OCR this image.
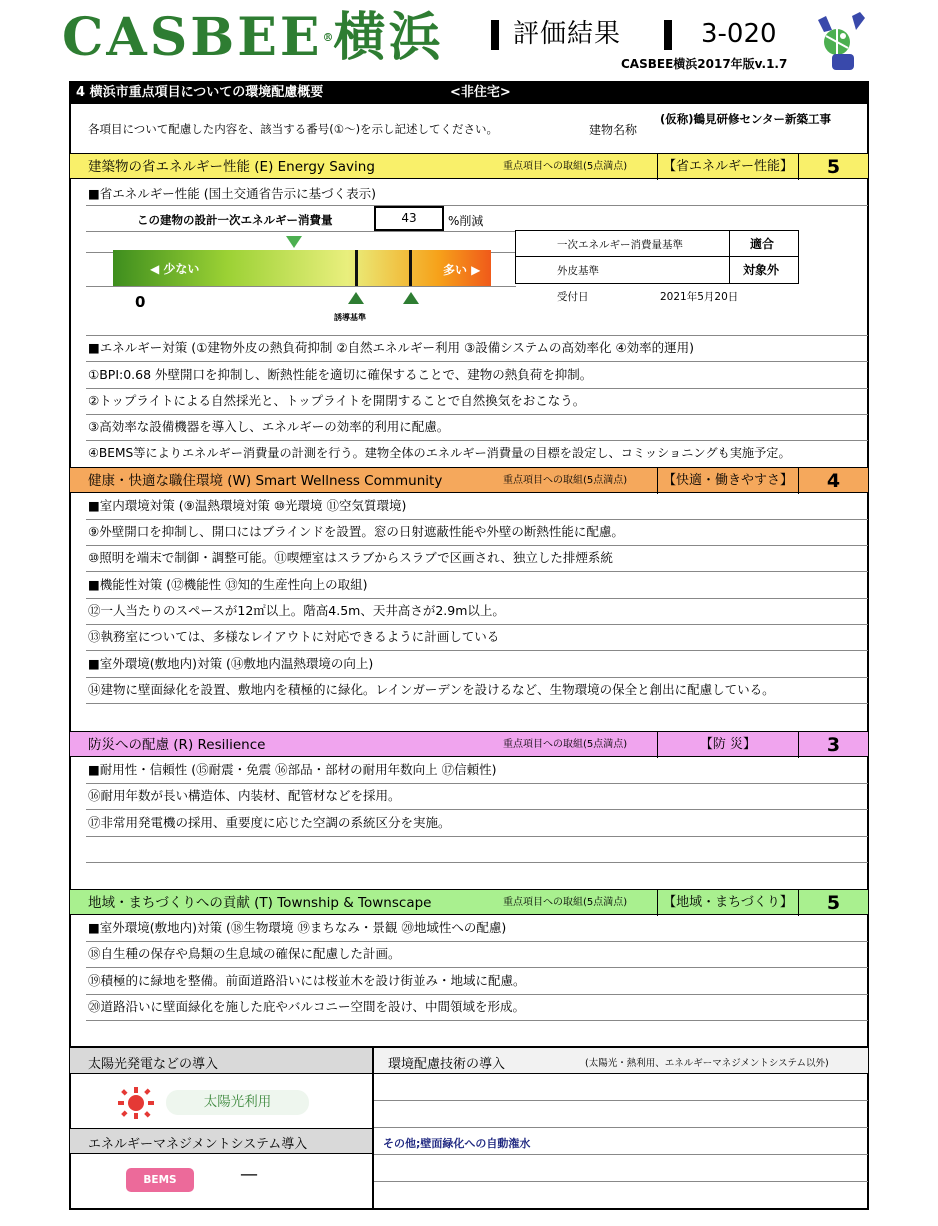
CASBEE®横浜	評価結果	3-020
CASBEE横浜2017年版v.1.7
4 横浜市重点項目についての環境配慮概要	<非住宅>
各項目について配慮した内容を、該当する番号(①〜)を示し記述してください。	建物名称
(仮称)鶴見研修センター新築工事
建築物の省エネルギー性能 (E) Energy Saving	重点項目への取組(5点満点)	【省エネルギー性能】	5
■省エネルギー性能 (国土交通省告示に基づく表示)
この建物の設計一次エネルギー消費量	43	%削減
◀ 少ない	多い ▶
0
誘導基準
一次エネルギー消費量基準	適合
外皮基準	対象外
受付日	2021年5月20日
■エネルギー対策 (①建物外皮の熱負荷抑制 ②自然エネルギー利用 ③設備システムの高効率化 ④効率的運用)
①BPI:0.68 外壁開口を抑制し、断熱性能を適切に確保することで、建物の熱負荷を抑制。
②トップライトによる自然採光と、トップライトを開閉することで自然換気をおこなう。
③高効率な設備機器を導入し、エネルギーの効率的利用に配慮。
④BEMS等によりエネルギー消費量の計測を行う。建物全体のエネルギー消費量の目標を設定し、コミッショニングも実施予定。
健康・快適な職住環境 (W) Smart Wellness Community	重点項目への取組(5点満点)	【快適・働きやすさ】	4
■室内環境対策 (⑨温熱環境対策 ⑩光環境 ⑪空気質環境)
⑨外壁開口を抑制し、開口にはブラインドを設置。窓の日射遮蔽性能や外壁の断熱性能に配慮。
⑩照明を端末で制御・調整可能。⑪喫煙室はスラブからスラブで区画され、独立した排煙系統
■機能性対策 (⑫機能性 ⑬知的生産性向上の取組)
⑫一人当たりのスペースが12㎡以上。階高4.5m、天井高さが2.9m以上。
⑬執務室については、多様なレイアウトに対応できるように計画している
■室外環境(敷地内)対策 (⑭敷地内温熱環境の向上)
⑭建物に壁面緑化を設置、敷地内を積極的に緑化。レインガーデンを設けるなど、生物環境の保全と創出に配慮している。
防災への配慮 (R) Resilience	重点項目への取組(5点満点)	【防 災】	3
■耐用性・信頼性 (⑮耐震・免震 ⑯部品・部材の耐用年数向上 ⑰信頼性)
⑯耐用年数が長い構造体、内装材、配管材などを採用。
⑰非常用発電機の採用、重要度に応じた空調の系統区分を実施。
地域・まちづくりへの貢献 (T) Township & Townscape	重点項目への取組(5点満点)	【地域・まちづくり】	5
■室外環境(敷地内)対策 (⑱生物環境 ⑲まちなみ・景観 ⑳地域性への配慮)
⑱自生種の保存や鳥類の生息域の確保に配慮した計画。
⑲積極的に緑地を整備。前面道路沿いには桜並木を設け街並み・地域に配慮。
⑳道路沿いに壁面緑化を施した庇やバルコニー空間を設け、中間領域を形成。
太陽光発電などの導入	環境配慮技術の導入	(太陽光・熱利用、エネルギーマネジメントシステム以外)
太陽光利用
エネルギーマネジメントシステム導入	その他;壁面緑化への自動潅水
BEMS	—
